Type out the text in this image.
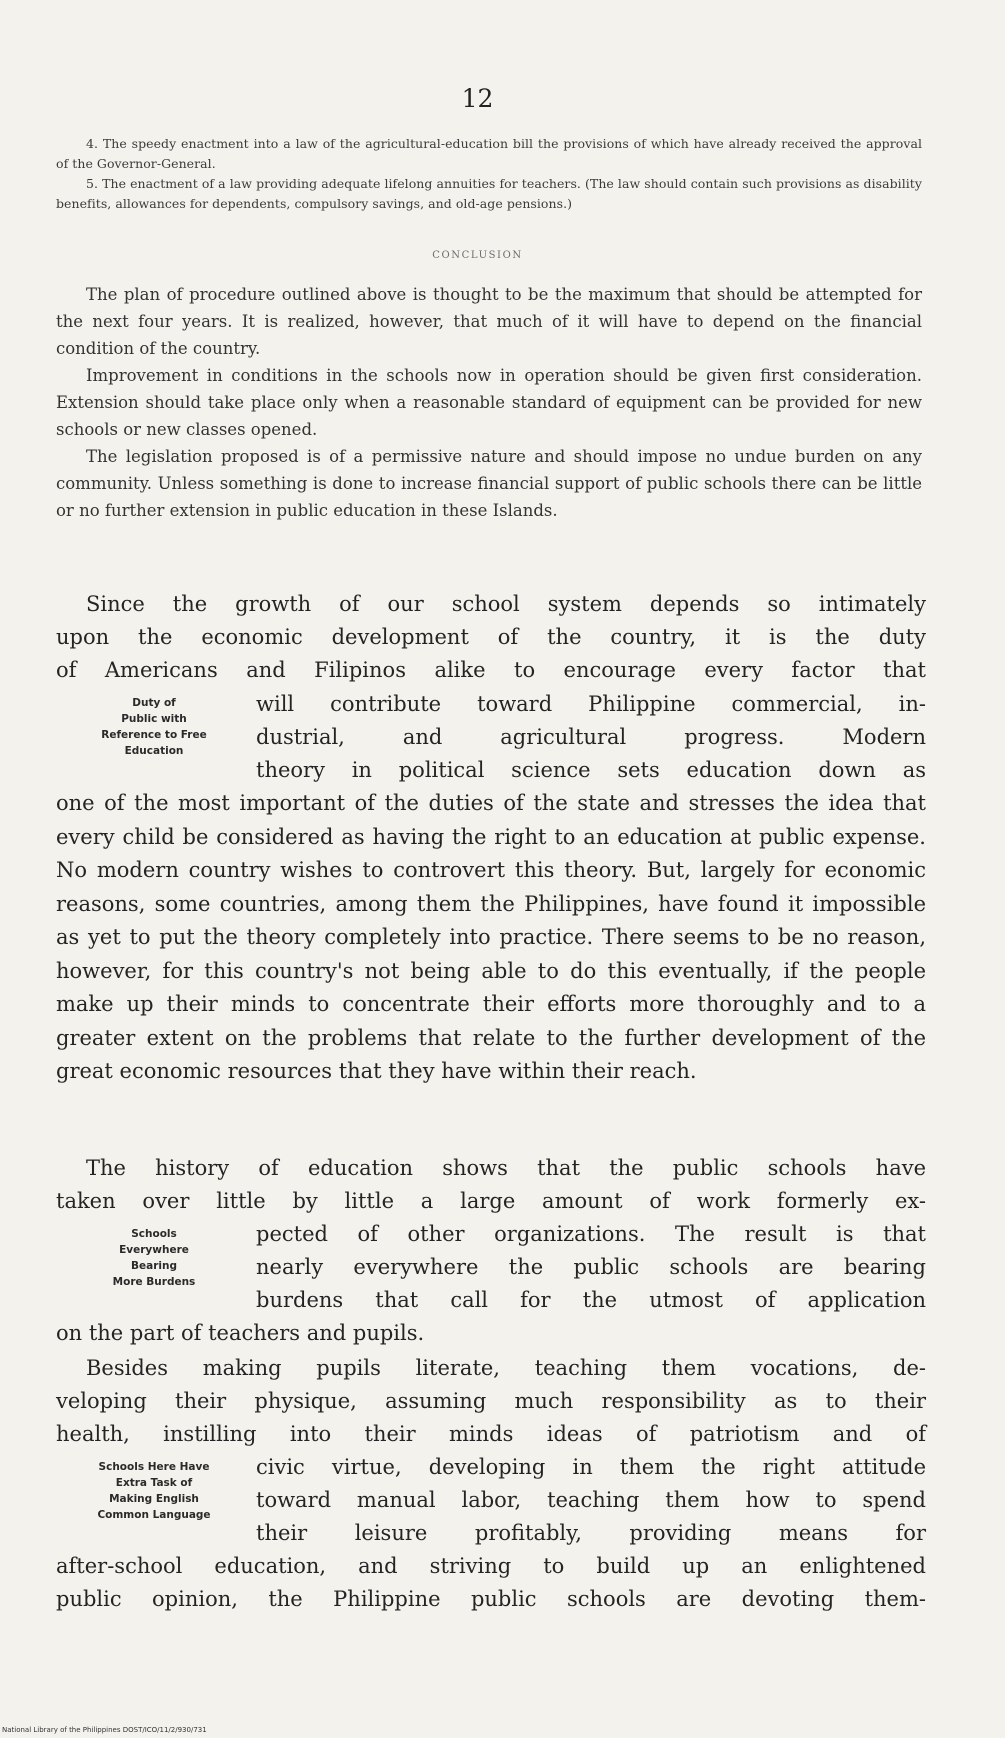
12

4. The speedy enactment into a law of the agricultural-education bill the provisions of which have already received the approval of the Governor-General.

5. The enactment of a law providing adequate lifelong annuities for teachers. (The law should contain such provisions as disability benefits, allowances for dependents, compulsory savings, and old-age pensions.)

CONCLUSION

The plan of procedure outlined above is thought to be the maximum that should be attempted for the next four years. It is realized, however, that much of it will have to depend on the financial condition of the country.

Improvement in conditions in the schools now in operation should be given first consideration. Extension should take place only when a reasonable standard of equipment can be provided for new schools or new classes opened.

The legislation proposed is of a permissive nature and should impose no undue burden on any community. Unless something is done to increase financial support of public schools there can be little or no further extension in public education in these Islands.

Since the growth of our school system depends so intimately
upon the economic development of the country, it is the duty
of Americans and Filipinos alike to encourage every factor that
Duty of
Public with
Reference to Free
Education
will contribute toward Philippine commercial, in-
dustrial, and agricultural progress. Modern
theory in political science sets education down as

one of the most important of the duties of the state and stresses the idea that every child be considered as having the right to an education at public expense. No modern country wishes to controvert this theory. But, largely for economic reasons, some countries, among them the Philippines, have found it impossible as yet to put the theory completely into practice. There seems to be no reason, however, for this country's not being able to do this eventually, if the people make up their minds to concentrate their efforts more thoroughly and to a greater extent on the problems that relate to the further development of the great economic resources that they have within their reach.

The history of education shows that the public schools have
taken over little by little a large amount of work formerly ex-
Schools
Everywhere
Bearing
More Burdens
pected of other organizations. The result is that
nearly everywhere the public schools are bearing
burdens that call for the utmost of application
on the part of teachers and pupils.
Besides making pupils literate, teaching them vocations, de-
veloping their physique, assuming much responsibility as to their
health, instilling into their minds ideas of patriotism and of
Schools Here Have
Extra Task of
Making English
Common Language
civic virtue, developing in them the right attitude
toward manual labor, teaching them how to spend
their leisure profitably, providing means for
after-school education, and striving to build up an enlightened
public opinion, the Philippine public schools are devoting them-
National Library of the Philippines DOST/ICO/11/2/930/731
